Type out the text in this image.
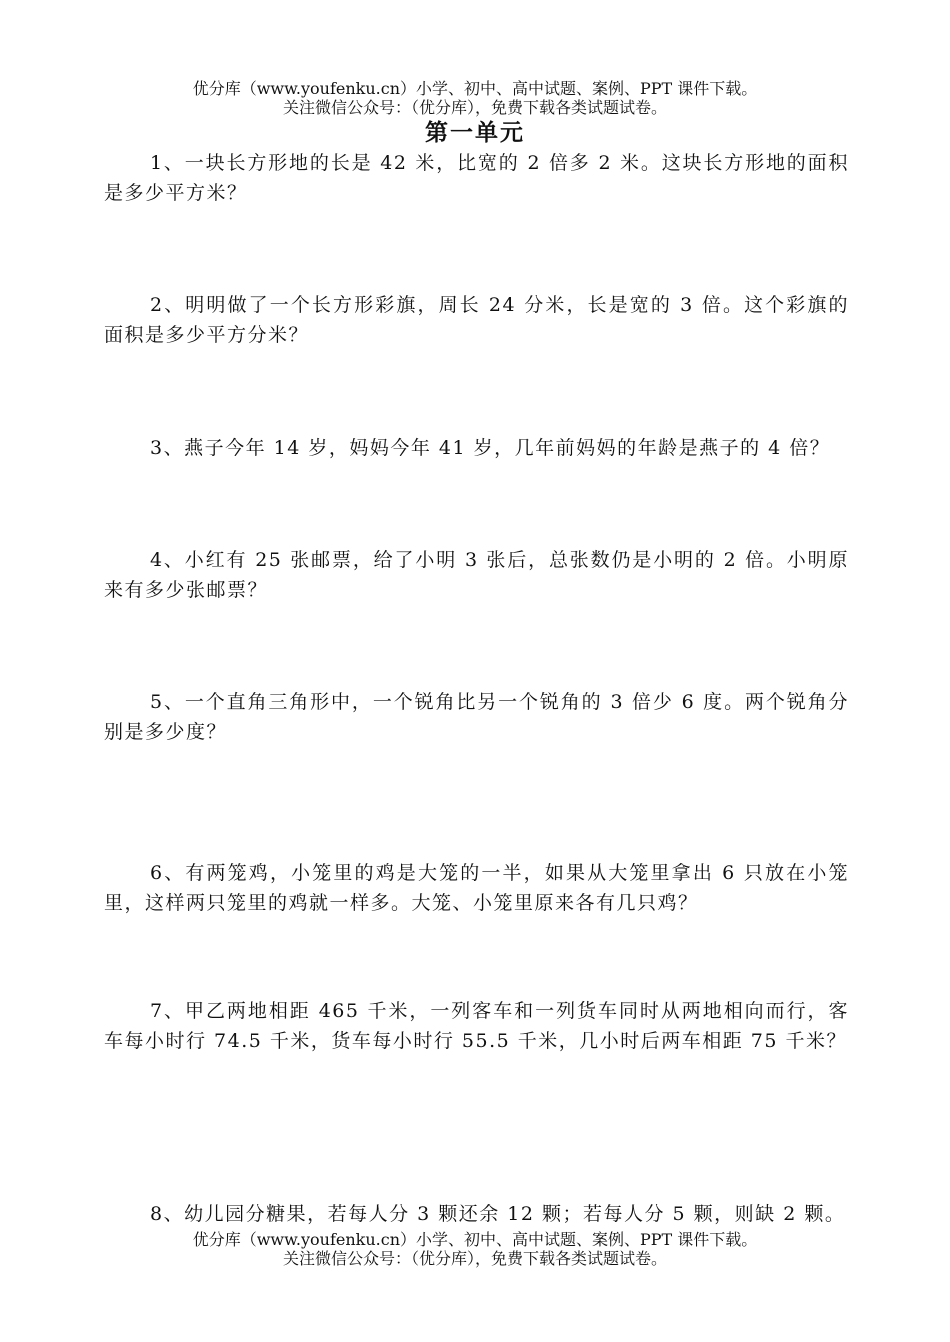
优分库（www.youfenku.cn）小学、初中、高中试题、案例、PPT 课件下载。
关注微信公众号：（优分库），免费下载各类试题试卷。
第一单元
1、一块长方形地的长是 42 米，比宽的 2 倍多 2 米。这块长方形地的面积是多少平方米？
2、明明做了一个长方形彩旗，周长 24 分米，长是宽的 3 倍。这个彩旗的面积是多少平方分米？
3、燕子今年 14 岁，妈妈今年 41 岁，几年前妈妈的年龄是燕子的 4 倍？
4、小红有 25 张邮票，给了小明 3 张后，总张数仍是小明的 2 倍。小明原来有多少张邮票？
5、一个直角三角形中，一个锐角比另一个锐角的 3 倍少 6 度。两个锐角分别是多少度？
6、有两笼鸡，小笼里的鸡是大笼的一半，如果从大笼里拿出 6 只放在小笼里，这样两只笼里的鸡就一样多。大笼、小笼里原来各有几只鸡？
7、甲乙两地相距 465 千米，一列客车和一列货车同时从两地相向而行，客车每小时行 74.5 千米，货车每小时行 55.5 千米，几小时后两车相距 75 千米？
8、幼儿园分糖果，若每人分 3 颗还余 12 颗；若每人分 5 颗，则缺 2 颗。
优分库（www.youfenku.cn）小学、初中、高中试题、案例、PPT 课件下载。
关注微信公众号：（优分库），免费下载各类试题试卷。
